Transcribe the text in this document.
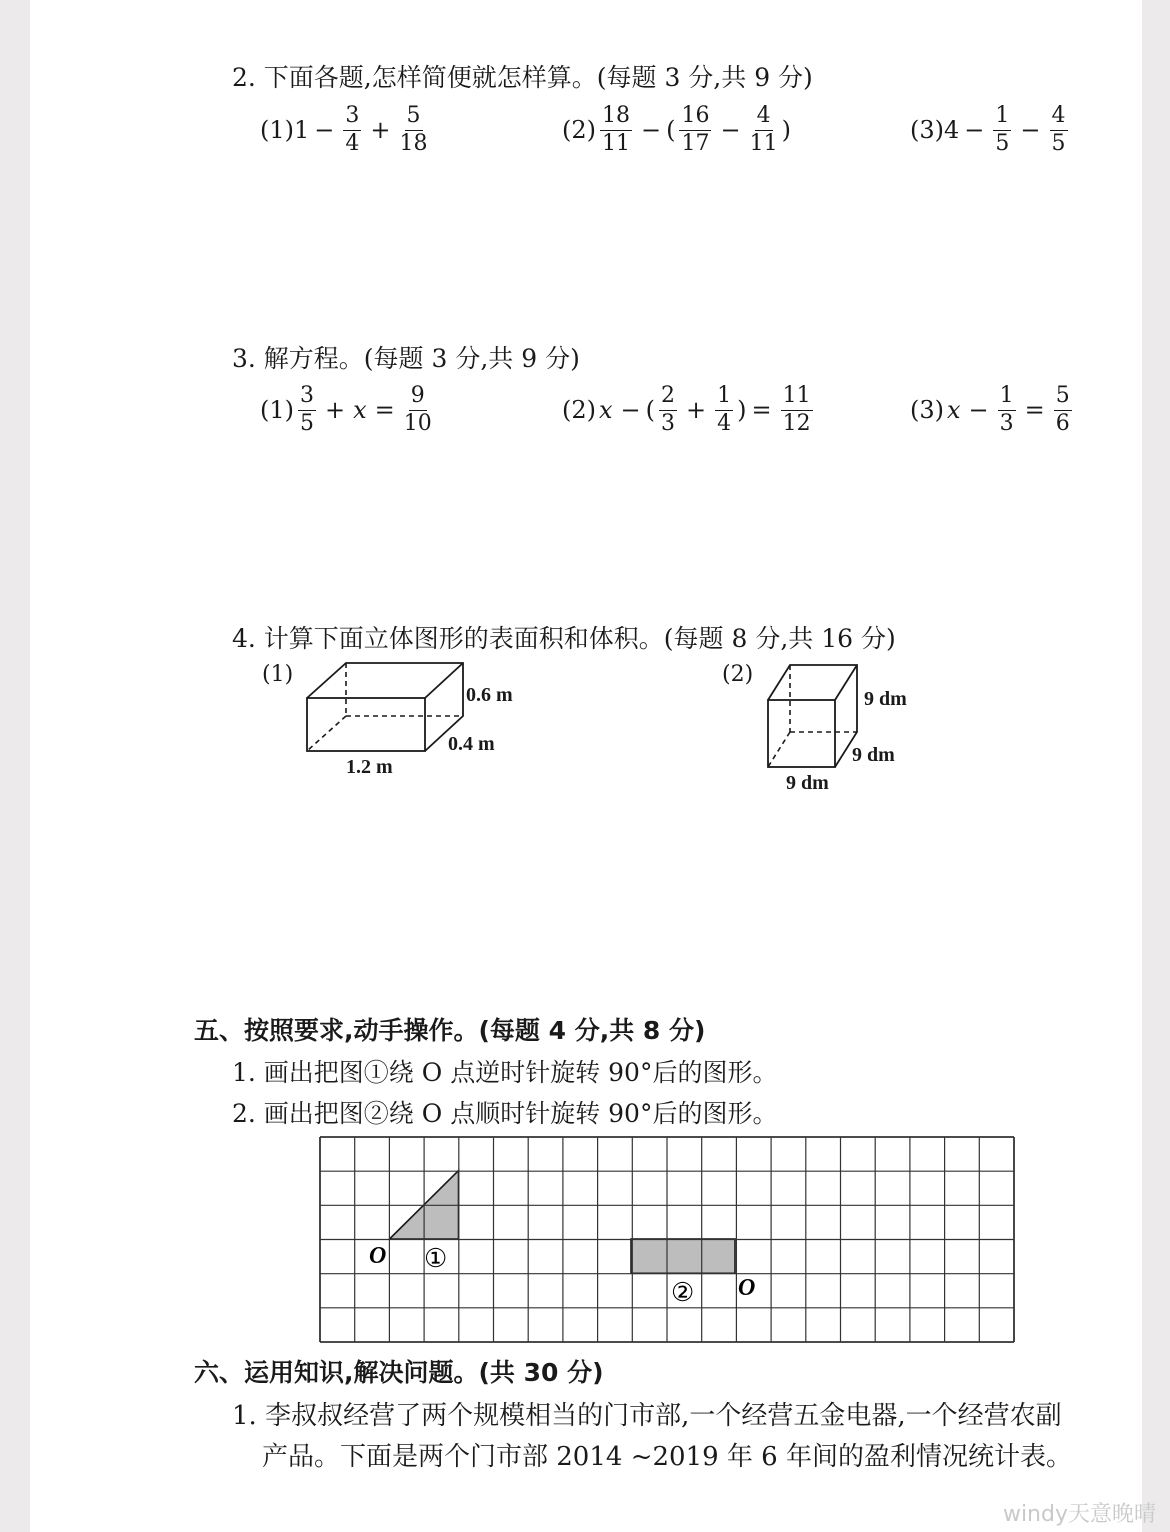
2. 下面各题,怎样简便就怎样算。(每题 3 分,共 9 分)
(1) $1 - \frac{3}{4} + \frac{5}{18}$	(2)
18
11 − (
16
$17 - \frac{4}{11}$ )	(3) $4 - \frac{1}{5} - \frac{4}{5}$
3. 解方程。(每题 3 分,共 9 分)
(1)
3
$5 + x = \frac{9}{10}$	(2) x − (
2
$3 + \frac{1}{4}$ ) = $\frac{11}{12}$	(3) $x - \frac{1}{3} = \frac{5}{6}$
4. 计算下面立体图形的表面积和体积。(每题 8 分,共 16 分)
(1)
0.6 m
0.4 m
1.2 m
(2)
9 dm
9 dm
9 dm
五、按照要求,动手操作。(每题 4 分,共 8 分)
1. 画出把图①绕 O 点逆时针旋转 90°后的图形。
2. 画出把图②绕 O 点顺时针旋转 90°后的图形。
O ①
② O
六、运用知识,解决问题。(共 30 分)
1. 李叔叔经营了两个规模相当的门市部,一个经营五金电器,一个经营农副
产品。下面是两个门市部 2014 ~2019 年 6 年间的盈利情况统计表。
windy天意晚晴
